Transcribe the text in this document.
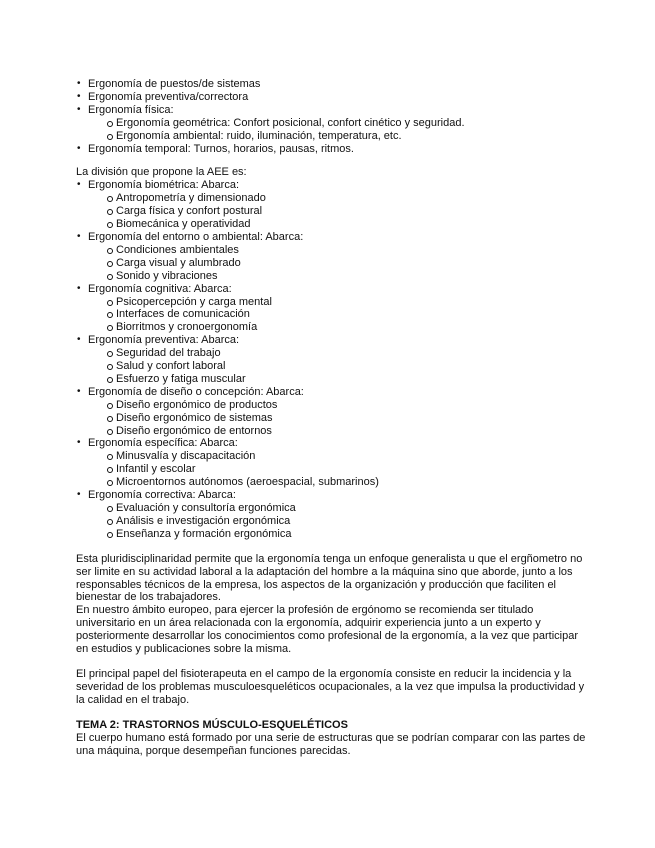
• Ergonomía de puestos/de sistemas
• Ergonomía preventiva/correctora
• Ergonomía física:
Ergonomía geométrica: Confort posicional, confort cinético y seguridad.
Ergonomía ambiental: ruido, iluminación, temperatura, etc.
• Ergonomía temporal: Turnos, horarios, pausas, ritmos.

La división que propone la AEE es:

• Ergonomía biométrica: Abarca:
Antropometría y dimensionado
Carga física y confort postural
Biomecánica y operatividad
• Ergonomía del entorno o ambiental: Abarca:
Condiciones ambientales
Carga visual y alumbrado
Sonido y vibraciones
• Ergonomía cognitiva: Abarca:
Psicopercepción y carga mental
Interfaces de comunicación
Biorritmos y cronoergonomía
• Ergonomía preventiva: Abarca:
Seguridad del trabajo
Salud y confort laboral
Esfuerzo y fatiga muscular
• Ergonomía de diseño o concepción: Abarca:
Diseño ergonómico de productos
Diseño ergonómico de sistemas
Diseño ergonómico de entornos
• Ergonomía específica: Abarca:
Minusvalía y discapacitación
Infantil y escolar
Microentornos autónomos (aeroespacial, submarinos)
• Ergonomía correctiva: Abarca:
Evaluación y consultoría ergonómica
Análisis e investigación ergonómica
Enseñanza y formación ergonómica

Esta pluridisciplinaridad permite que la ergonomía tenga un enfoque generalista u que el ergñometro no ser limite en su actividad laboral a la adaptación del hombre a la máquina sino que aborde, junto a los responsables técnicos de la empresa, los aspectos de la organización y producción que faciliten el bienestar de los trabajadores.

En nuestro ámbito europeo, para ejercer la profesión de ergónomo se recomienda ser titulado universitario en un área relacionada con la ergonomía, adquirir experiencia junto a un experto y posteriormente desarrollar los conocimientos como profesional de la ergonomía, a la vez que participar en estudios y publicaciones sobre la misma.

El principal papel del fisioterapeuta en el campo de la ergonomía consiste en reducir la incidencia y la severidad de los problemas musculoesqueléticos ocupacionales, a la vez que impulsa la productividad y la calidad en el trabajo.

TEMA 2: TRASTORNOS MÚSCULO-ESQUELÉTICOS

El cuerpo humano está formado por una serie de estructuras que se podrían comparar con las partes de una máquina, porque desempeñan funciones parecidas.
